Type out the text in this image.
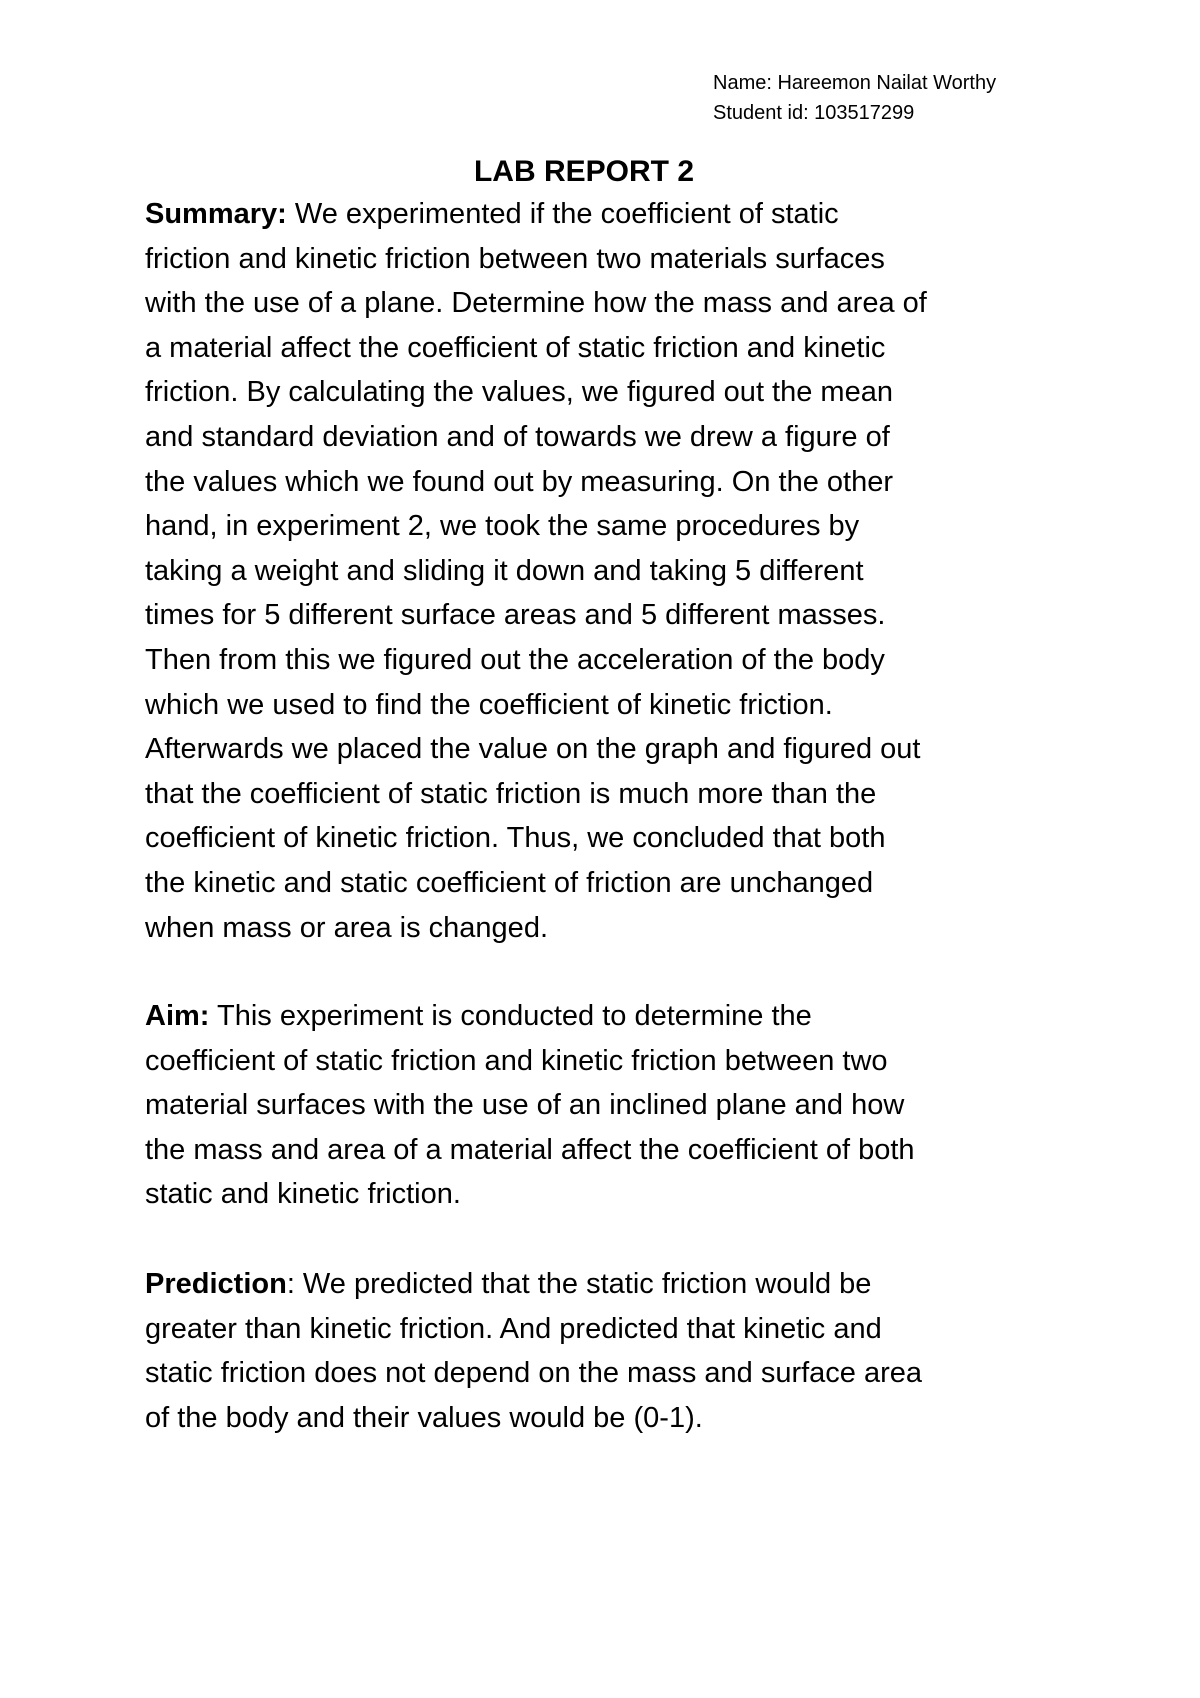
Name: Hareemon Nailat Worthy
Student id: 103517299
LAB REPORT 2
Summary: We experimented if the coefficient of static
friction and kinetic friction between two materials surfaces
with the use of a plane. Determine how the mass and area of
a material affect the coefficient of static friction and kinetic
friction. By calculating the values, we figured out the mean
and standard deviation and of towards we drew a figure of
the values which we found out by measuring. On the other
hand, in experiment 2, we took the same procedures by
taking a weight and sliding it down and taking 5 different
times for 5 different surface areas and 5 different masses.
Then from this we figured out the acceleration of the body
which we used to find the coefficient of kinetic friction.
Afterwards we placed the value on the graph and figured out
that the coefficient of static friction is much more than the
coefficient of kinetic friction. Thus, we concluded that both
the kinetic and static coefficient of friction are unchanged
when mass or area is changed.
Aim: This experiment is conducted to determine the
coefficient of static friction and kinetic friction between two
material surfaces with the use of an inclined plane and how
the mass and area of a material affect the coefficient of both
static and kinetic friction.
Prediction: We predicted that the static friction would be
greater than kinetic friction. And predicted that kinetic and
static friction does not depend on the mass and surface area
of the body and their values would be (0-1).
